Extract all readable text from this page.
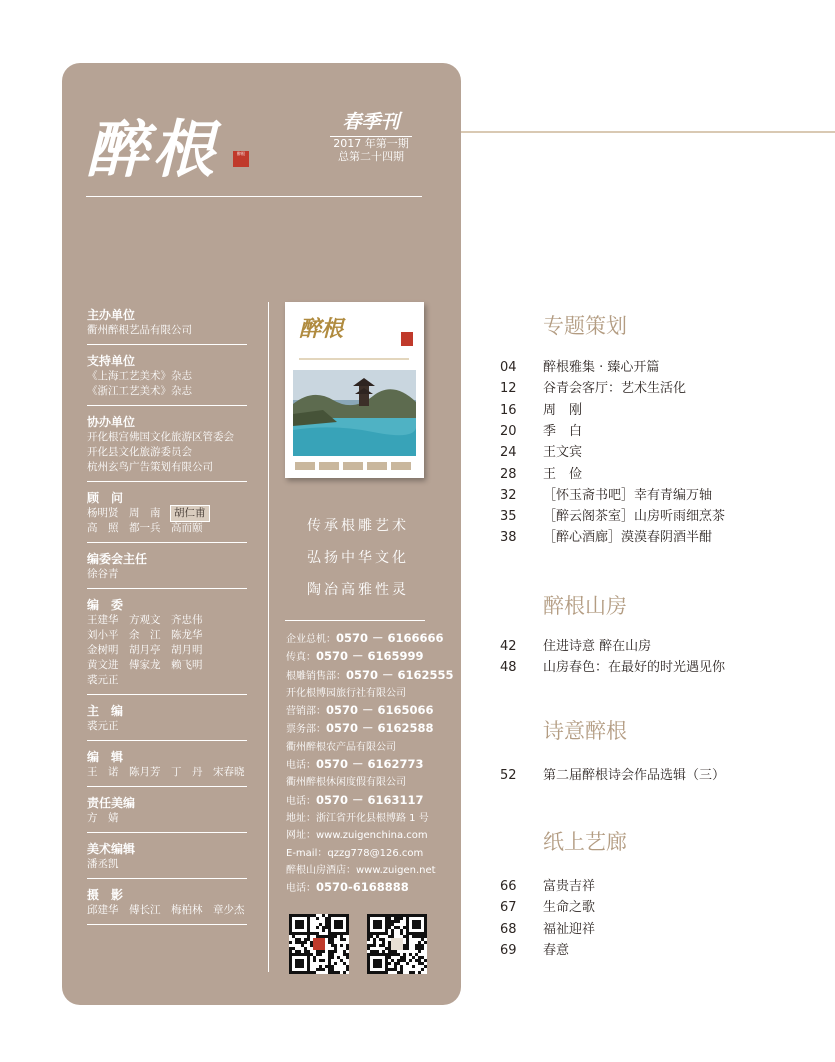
醉根	醉根
春季刊
2017 年第一期
总第二十四期
主办单位
衢州醉根艺品有限公司
支持单位
《上海工艺美术》杂志
《浙江工艺美术》杂志
协办单位
开化根宫佛国文化旅游区管委会
开化县文化旅游委员会
杭州玄鸟广告策划有限公司
顾　问
杨明贤　周　南　 胡仁甫
高　照　都一兵　高而颐
编委会主任
徐谷青
编　委
王建华　方观文　齐忠伟
刘小平　余　江　陈龙华
金树明　胡月亭　胡月明
黄文进　傅家龙　赖飞明
裘元正
主　编
裘元正
编　辑
王　诺　陈月芳　丁　丹　宋春晓
责任美编
方　婧
美术编辑
潘丞凯
摄　影
邱建华　傅长江　梅柏林　章少杰
醉根
传承根雕艺术
弘扬中华文化
陶冶高雅性灵
企业总机：0570 － 6166666
传真：0570 － 6165999
根雕销售部：0570 － 6162555
开化根博园旅行社有限公司
营销部：0570 － 6165066
票务部：0570 － 6162588
衢州醉根农产品有限公司
电话：0570 － 6162773
衢州醉根休闲度假有限公司
电话：0570 － 6163117
地址：浙江省开化县根博路 1 号
网址：www.zuigenchina.com
E-mail：qzzg778@126.com
醉根山房酒店：www.zuigen.net
电话：0570-6168888
专题策划
04 醉根雅集 · 臻心开篇
12 谷青会客厅：艺术生活化
16 周　刚
20 季　白
24 王文宾
28 王　俭
32 ［怀玉斋书吧］幸有青编万轴
35 ［醉云阁茶室］山房听雨细烹茶
38 ［醉心酒廊］漠漠春阴酒半酣
醉根山房
42 住进诗意 醉在山房
48 山房春色：在最好的时光遇见你
诗意醉根
52 第二届醉根诗会作品选辑（三）
纸上艺廊
66 富贵吉祥
67 生命之歌
68 福祉迎祥
69 春意
